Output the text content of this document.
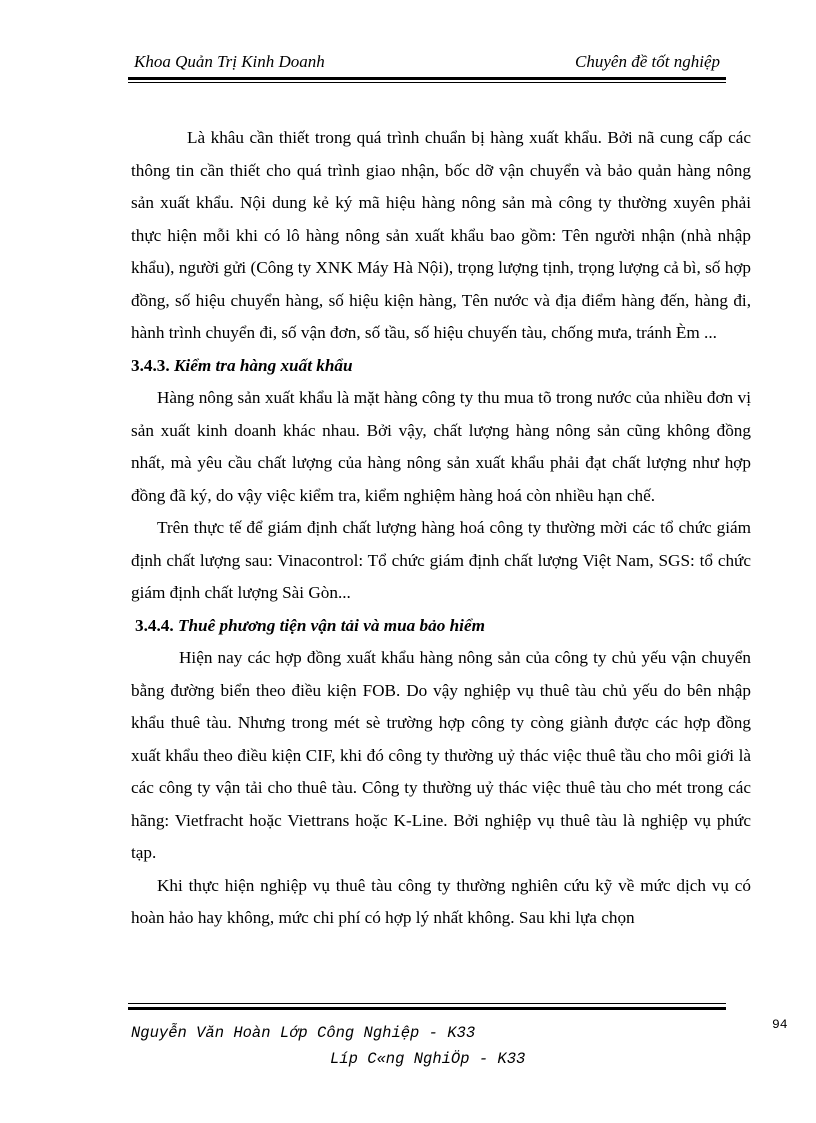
Khoa Quản Trị Kinh Doanh	Chuyên đề tốt nghiệp

Là khâu cần thiết trong quá trình chuẩn bị hàng xuất khẩu. Bởi nã cung cấp các thông tin cần thiết cho quá trình giao nhận, bốc dỡ vận chuyển và bảo quản hàng nông sản xuất khẩu. Nội dung kẻ ký mã hiệu hàng nông sản mà công ty thường xuyên phải thực hiện mỗi khi có lô hàng nông sản xuất khẩu bao gồm: Tên người nhận (nhà nhập khẩu), người gửi (Công ty XNK Máy Hà Nội), trọng lượng tịnh, trọng lượng cả bì, số hợp đồng, số hiệu chuyển hàng, số hiệu kiện hàng, Tên nước và địa điểm hàng đến, hàng đi, hành trình chuyển đi, số vận đơn, số tầu, số hiệu chuyến tàu, chống mưa, tránh Èm ...

3.4.3. Kiểm tra hàng xuất khẩu

Hàng nông sản xuất khẩu là mặt hàng công ty thu mua tõ trong nước của nhiều đơn vị sản xuất kinh doanh khác nhau. Bởi vậy, chất lượng hàng nông sản cũng không đồng nhất, mà yêu cầu chất lượng của hàng nông sản xuất khẩu phải đạt chất lượng như hợp đồng đã ký, do vậy việc kiểm tra, kiểm nghiệm hàng hoá còn nhiều hạn chế.

Trên thực tế để giám định chất lượng hàng hoá công ty thường mời các tổ chức giám định chất lượng sau: Vinacontrol: Tổ chức giám định chất lượng Việt Nam, SGS: tổ chức giám định chất lượng Sài Gòn...

3.4.4. Thuê phương tiện vận tải và mua bảo hiểm

Hiện nay các hợp đồng xuất khẩu hàng nông sản của công ty chủ yếu vận chuyển bằng đường biển theo điều kiện FOB. Do vậy nghiệp vụ thuê tàu chủ yếu do bên nhập khẩu thuê tàu. Nhưng trong mét sè trường hợp công ty còng giành được các hợp đồng xuất khẩu theo điều kiện CIF, khi đó công ty thường uỷ thác việc thuê tầu cho môi giới là các công ty vận tải cho thuê tàu. Công ty thường uỷ thác việc thuê tàu cho mét trong các hãng: Vietfracht hoặc Viettrans hoặc K-Line. Bởi nghiệp vụ thuê tàu là nghiệp vụ phức tạp.

Khi thực hiện nghiệp vụ thuê tàu công ty thường nghiên cứu kỹ về mức dịch vụ có hoàn hảo hay không, mức chi phí có hợp lý nhất không. Sau khi lựa chọn

94
Nguyễn Văn Hoàn Lớp Công Nghiệp - K33
Líp C«ng NghiÖp - K33
